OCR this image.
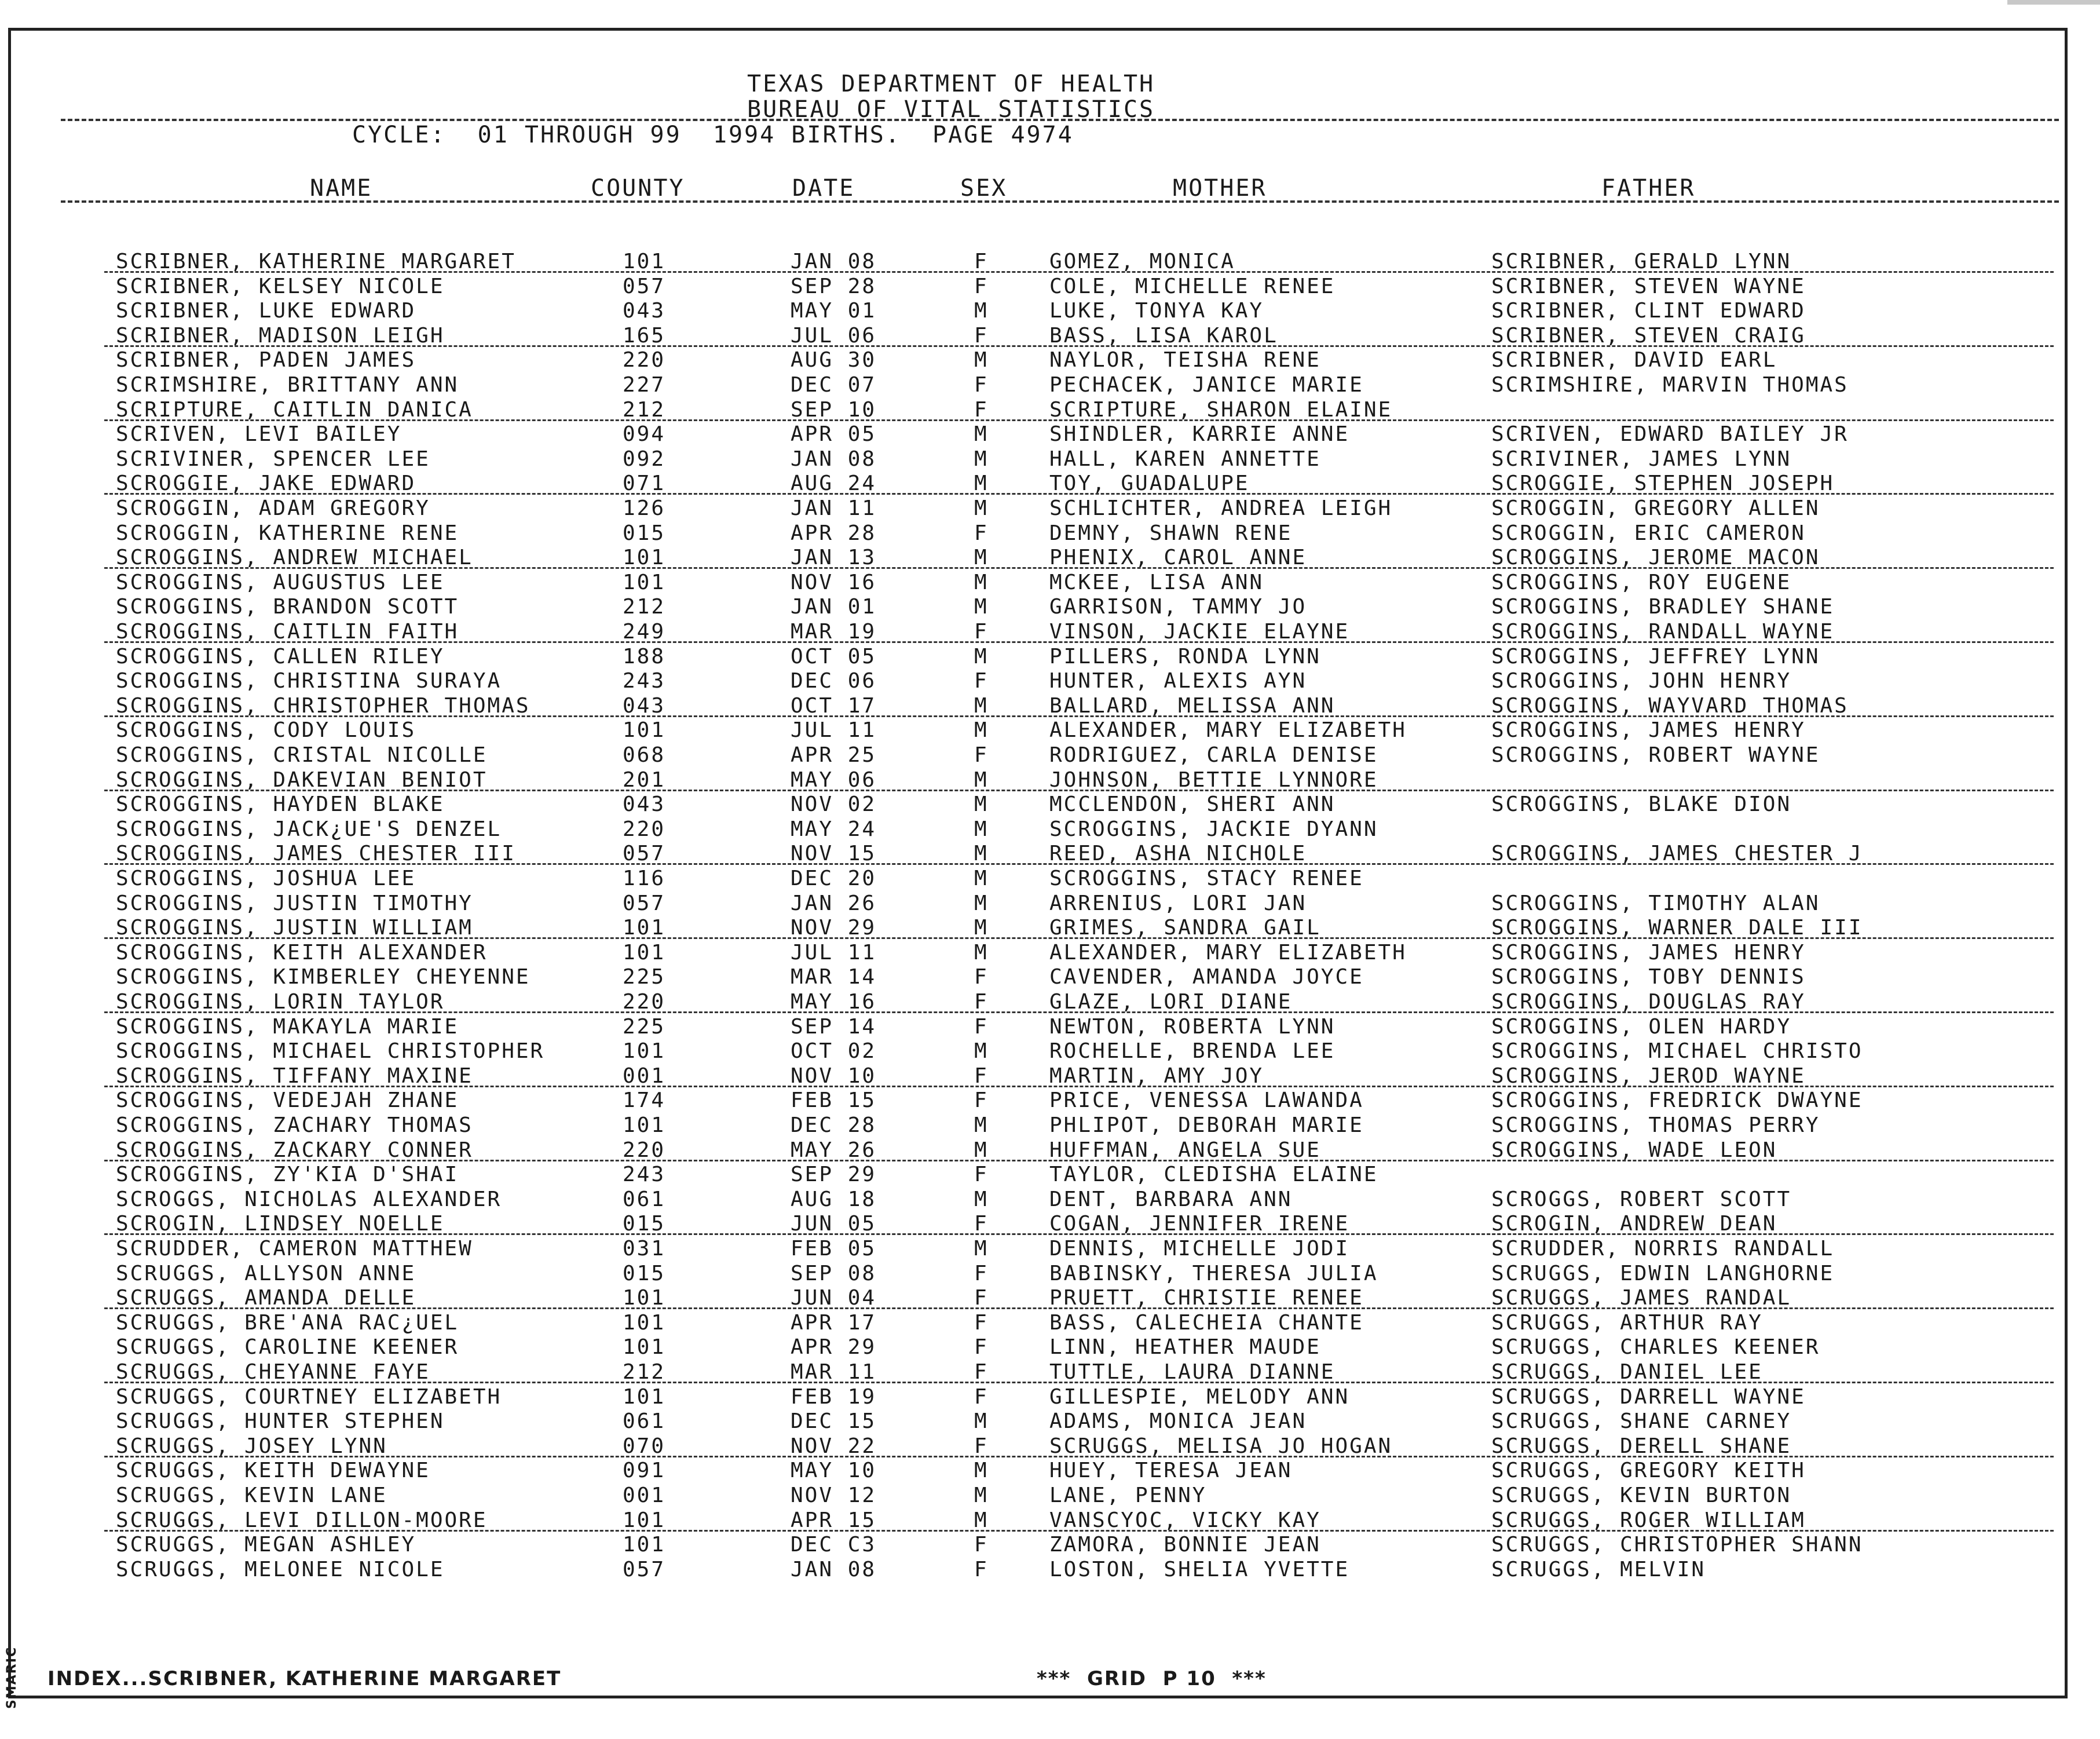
SMARIC
TEXAS DEPARTMENT OF HEALTH
BUREAU OF VITAL STATISTICS
CYCLE:  01 THROUGH 99  1994 BIRTHS.  PAGE 4974
NAME	COUNTY	DATE	SEX	MOTHER	FATHER
SCRIBNER, KATHERINE MARGARET	101	JAN 08	F	GOMEZ, MONICA	SCRIBNER, GERALD LYNN
SCRIBNER, KELSEY NICOLE	057	SEP 28	F	COLE, MICHELLE RENEE	SCRIBNER, STEVEN WAYNE
SCRIBNER, LUKE EDWARD	043	MAY 01	M	LUKE, TONYA KAY	SCRIBNER, CLINT EDWARD
SCRIBNER, MADISON LEIGH	165	JUL 06	F	BASS, LISA KAROL	SCRIBNER, STEVEN CRAIG
SCRIBNER, PADEN JAMES	220	AUG 30	M	NAYLOR, TEISHA RENE	SCRIBNER, DAVID EARL
SCRIMSHIRE, BRITTANY ANN	227	DEC 07	F	PECHACEK, JANICE MARIE	SCRIMSHIRE, MARVIN THOMAS
SCRIPTURE, CAITLIN DANICA	212	SEP 10	F	SCRIPTURE, SHARON ELAINE
SCRIVEN, LEVI BAILEY	094	APR 05	M	SHINDLER, KARRIE ANNE	SCRIVEN, EDWARD BAILEY JR
SCRIVINER, SPENCER LEE	092	JAN 08	M	HALL, KAREN ANNETTE	SCRIVINER, JAMES LYNN
SCROGGIE, JAKE EDWARD	071	AUG 24	M	TOY, GUADALUPE	SCROGGIE, STEPHEN JOSEPH
SCROGGIN, ADAM GREGORY	126	JAN 11	M	SCHLICHTER, ANDREA LEIGH	SCROGGIN, GREGORY ALLEN
SCROGGIN, KATHERINE RENE	015	APR 28	F	DEMNY, SHAWN RENE	SCROGGIN, ERIC CAMERON
SCROGGINS, ANDREW MICHAEL	101	JAN 13	M	PHENIX, CAROL ANNE	SCROGGINS, JEROME MACON
SCROGGINS, AUGUSTUS LEE	101	NOV 16	M	MCKEE, LISA ANN	SCROGGINS, ROY EUGENE
SCROGGINS, BRANDON SCOTT	212	JAN 01	M	GARRISON, TAMMY JO	SCROGGINS, BRADLEY SHANE
SCROGGINS, CAITLIN FAITH	249	MAR 19	F	VINSON, JACKIE ELAYNE	SCROGGINS, RANDALL WAYNE
SCROGGINS, CALLEN RILEY	188	OCT 05	M	PILLERS, RONDA LYNN	SCROGGINS, JEFFREY LYNN
SCROGGINS, CHRISTINA SURAYA	243	DEC 06	F	HUNTER, ALEXIS AYN	SCROGGINS, JOHN HENRY
SCROGGINS, CHRISTOPHER THOMAS	043	OCT 17	M	BALLARD, MELISSA ANN	SCROGGINS, WAYVARD THOMAS
SCROGGINS, CODY LOUIS	101	JUL 11	M	ALEXANDER, MARY ELIZABETH	SCROGGINS, JAMES HENRY
SCROGGINS, CRISTAL NICOLLE	068	APR 25	F	RODRIGUEZ, CARLA DENISE	SCROGGINS, ROBERT WAYNE
SCROGGINS, DAKEVIAN BENIOT	201	MAY 06	M	JOHNSON, BETTIE LYNNORE
SCROGGINS, HAYDEN BLAKE	043	NOV 02	M	MCCLENDON, SHERI ANN	SCROGGINS, BLAKE DION
SCROGGINS, JACK¿UE'S DENZEL	220	MAY 24	M	SCROGGINS, JACKIE DYANN
SCROGGINS, JAMES CHESTER III	057	NOV 15	M	REED, ASHA NICHOLE	SCROGGINS, JAMES CHESTER J
SCROGGINS, JOSHUA LEE	116	DEC 20	M	SCROGGINS, STACY RENEE
SCROGGINS, JUSTIN TIMOTHY	057	JAN 26	M	ARRENIUS, LORI JAN	SCROGGINS, TIMOTHY ALAN
SCROGGINS, JUSTIN WILLIAM	101	NOV 29	M	GRIMES, SANDRA GAIL	SCROGGINS, WARNER DALE III
SCROGGINS, KEITH ALEXANDER	101	JUL 11	M	ALEXANDER, MARY ELIZABETH	SCROGGINS, JAMES HENRY
SCROGGINS, KIMBERLEY CHEYENNE	225	MAR 14	F	CAVENDER, AMANDA JOYCE	SCROGGINS, TOBY DENNIS
SCROGGINS, LORIN TAYLOR	220	MAY 16	F	GLAZE, LORI DIANE	SCROGGINS, DOUGLAS RAY
SCROGGINS, MAKAYLA MARIE	225	SEP 14	F	NEWTON, ROBERTA LYNN	SCROGGINS, OLEN HARDY
SCROGGINS, MICHAEL CHRISTOPHER	101	OCT 02	M	ROCHELLE, BRENDA LEE	SCROGGINS, MICHAEL CHRISTO
SCROGGINS, TIFFANY MAXINE	001	NOV 10	F	MARTIN, AMY JOY	SCROGGINS, JEROD WAYNE
SCROGGINS, VEDEJAH ZHANE	174	FEB 15	F	PRICE, VENESSA LAWANDA	SCROGGINS, FREDRICK DWAYNE
SCROGGINS, ZACHARY THOMAS	101	DEC 28	M	PHLIPOT, DEBORAH MARIE	SCROGGINS, THOMAS PERRY
SCROGGINS, ZACKARY CONNER	220	MAY 26	M	HUFFMAN, ANGELA SUE	SCROGGINS, WADE LEON
SCROGGINS, ZY'KIA D'SHAI	243	SEP 29	F	TAYLOR, CLEDISHA ELAINE
SCROGGS, NICHOLAS ALEXANDER	061	AUG 18	M	DENT, BARBARA ANN	SCROGGS, ROBERT SCOTT
SCROGIN, LINDSEY NOELLE	015	JUN 05	F	COGAN, JENNIFER IRENE	SCROGIN, ANDREW DEAN
SCRUDDER, CAMERON MATTHEW	031	FEB 05	M	DENNIS, MICHELLE JODI	SCRUDDER, NORRIS RANDALL
SCRUGGS, ALLYSON ANNE	015	SEP 08	F	BABINSKY, THERESA JULIA	SCRUGGS, EDWIN LANGHORNE
SCRUGGS, AMANDA DELLE	101	JUN 04	F	PRUETT, CHRISTIE RENEE	SCRUGGS, JAMES RANDAL
SCRUGGS, BRE'ANA RAC¿UEL	101	APR 17	F	BASS, CALECHEIA CHANTE	SCRUGGS, ARTHUR RAY
SCRUGGS, CAROLINE KEENER	101	APR 29	F	LINN, HEATHER MAUDE	SCRUGGS, CHARLES KEENER
SCRUGGS, CHEYANNE FAYE	212	MAR 11	F	TUTTLE, LAURA DIANNE	SCRUGGS, DANIEL LEE
SCRUGGS, COURTNEY ELIZABETH	101	FEB 19	F	GILLESPIE, MELODY ANN	SCRUGGS, DARRELL WAYNE
SCRUGGS, HUNTER STEPHEN	061	DEC 15	M	ADAMS, MONICA JEAN	SCRUGGS, SHANE CARNEY
SCRUGGS, JOSEY LYNN	070	NOV 22	F	SCRUGGS, MELISA JO HOGAN	SCRUGGS, DERELL SHANE
SCRUGGS, KEITH DEWAYNE	091	MAY 10	M	HUEY, TERESA JEAN	SCRUGGS, GREGORY KEITH
SCRUGGS, KEVIN LANE	001	NOV 12	M	LANE, PENNY	SCRUGGS, KEVIN BURTON
SCRUGGS, LEVI DILLON-MOORE	101	APR 15	M	VANSCYOC, VICKY KAY	SCRUGGS, ROGER WILLIAM
SCRUGGS, MEGAN ASHLEY	101	DEC C3	F	ZAMORA, BONNIE JEAN	SCRUGGS, CHRISTOPHER SHANN
SCRUGGS, MELONEE NICOLE	057	JAN 08	F	LOSTON, SHELIA YVETTE	SCRUGGS, MELVIN
INDEX...SCRIBNER, KATHERINE MARGARET	***  GRID  P 10  ***
